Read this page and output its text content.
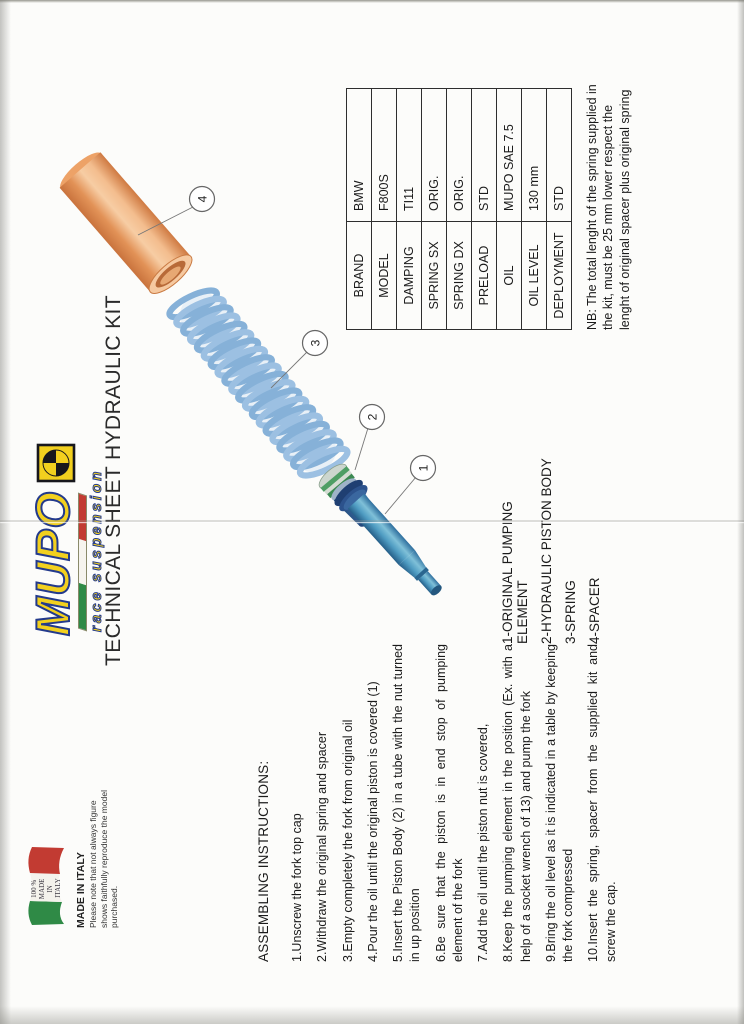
100 % MADE IN ITALY MADE IN ITALY Please note that not always figure shows faithfully reproduce the model purchased.

MUPO race suspension
TECHNICAL SHEET HYDRAULIC KIT
4
3
2
1
BRAND	BMW
MODEL	F800S
DAMPING	TI11
SPRING SX	ORIG.
SPRING DX	ORIG.
PRELOAD	STD
OIL	MUPO SAE 7.5
OIL LEVEL	130 mm
DEPLOYMENT	STD NB: The total lenght of the spring supplied in the kit, must be 25 mm lower respect the lenght of original spacer plus original spring

1-ORIGINAL PUMPING ELEMENT 2-HYDRAULIC PISTON BODY 3-SPRING 4-SPACER

ASSEMBLING INSTRUCTIONS: 1.Unscrew the fork top cap 2.Withdraw the original spring and spacer 3.Empty completely the fork from original oil 4.Pour the oil until the original piston is covered (1) 5.Insert the Piston Body (2) in a tube with the nut turned in up position 6.Be sure that the piston is in end stop of pumping element of the fork 7.Add the oil until the piston nut is covered, 8.Keep the pumping element in the position (Ex. with a help of a socket wrench of 13) and pump the fork 9.Bring the oil level as it is indicated in a table by keeping the fork compressed 10.Insert the spring, spacer from the supplied kit and screw the cap.
